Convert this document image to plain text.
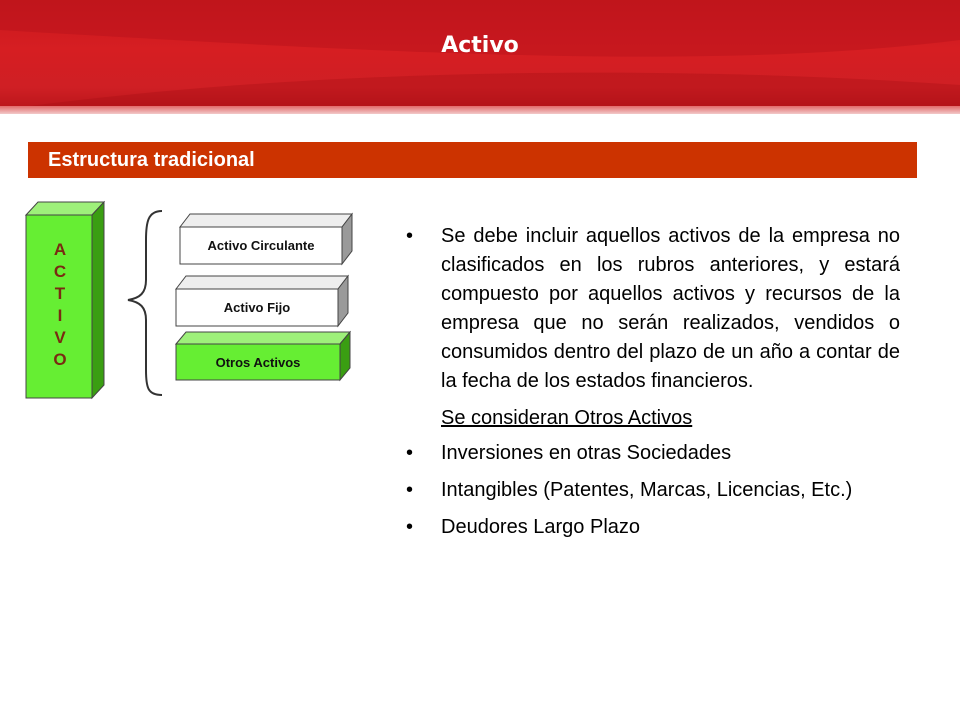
Activo
Estructura tradicional
A
C
T
I
V
O
Activo Circulante
Activo Fijo
Otros Activos
• Se debe incluir aquellos activos de la empresa no clasificados en los rubros anteriores, y estará compuesto por aquellos activos y recursos de la empresa que no serán realizados, vendidos o consumidos dentro del plazo de un año a contar de la fecha de los estados financieros.
Se consideran Otros Activos
• Inversiones en otras Sociedades
• Intangibles (Patentes, Marcas, Licencias, Etc.)
• Deudores Largo Plazo
